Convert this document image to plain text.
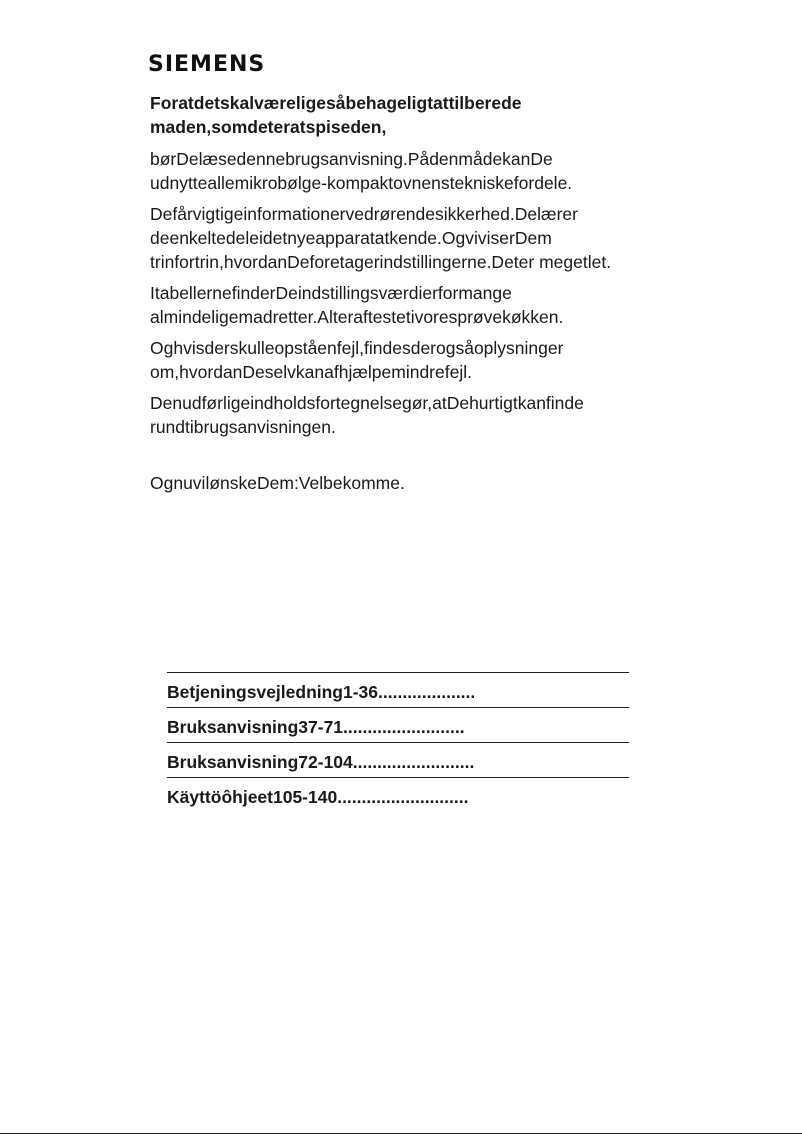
SIEMENS

Foratdetskalværeligesåbehageligtattilberede maden,somdeteratspiseden,

børDelæsedennebrugsanvisning.PådenmådekanDe udnytteallemikrobølge-kompaktovnenstekniskefordele.

Defårvigtigeinformationervedrørendesikkerhed.Delærer deenkeltedeleidetnyeapparatatkende.OgviviserDem trinfortrin,hvordanDeforetagerindstillingerne.Deter megetlet.

ItabellernefinderDeindstillingsværdierformange almindeligemadretter.Alteraftestetivoresprøvekøkken.

Oghvisderskulleopståenfejl,findesderogsåoplysninger om,hvordanDeselvkanafhjælpemindrefejl.

Denudførligeindholdsfortegnelsegør,atDehurtigtkanfinde rundtibrugsanvisningen.

OgnuvilønskeDem:Velbekomme.

Betjeningsvejledning1-36....................
Bruksanvisning37-71.........................
Bruksanvisning72-104.........................
Käyttöôhjeet105-140...........................
